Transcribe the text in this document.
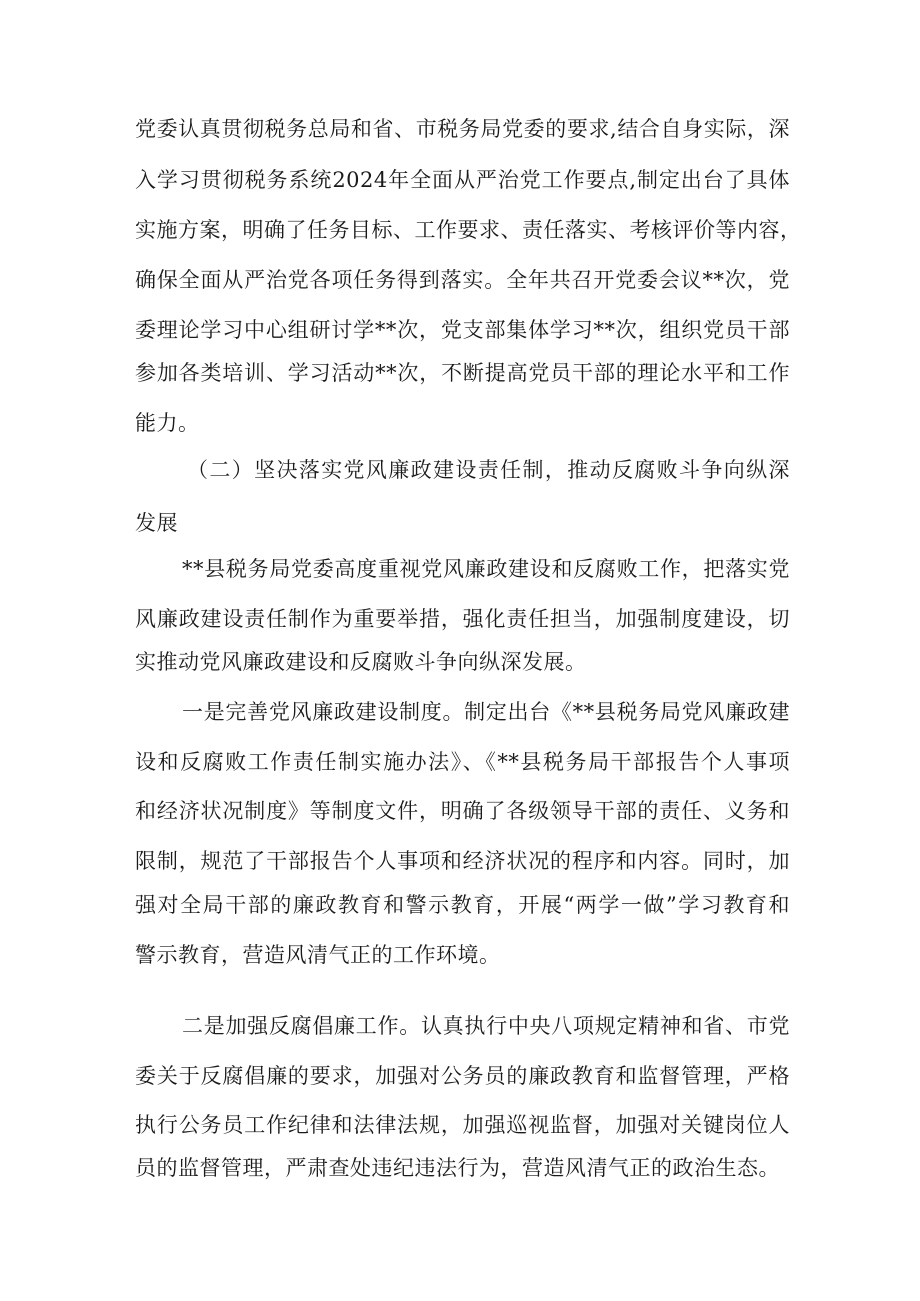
党委认真贯彻税务总局和省、市税务局党委的要求,结合自身实际，深
入学习贯彻税务系统2024年全面从严治党工作要点,制定出台了具体
实施方案，明确了任务目标、工作要求、责任落实、考核评价等内容，
确保全面从严治党各项任务得到落实。全年共召开党委会议**次，党
委理论学习中心组研讨学**次，党支部集体学习**次，组织党员干部
参加各类培训、学习活动**次，不断提高党员干部的理论水平和工作
能力。
（二）坚决落实党风廉政建设责任制，推动反腐败斗争向纵深
发展
**县税务局党委高度重视党风廉政建设和反腐败工作，把落实党
风廉政建设责任制作为重要举措，强化责任担当，加强制度建设，切
实推动党风廉政建设和反腐败斗争向纵深发展。
一是完善党风廉政建设制度。制定出台《**县税务局党风廉政建
设和反腐败工作责任制实施办法》、《**县税务局干部报告个人事项
和经济状况制度》等制度文件，明确了各级领导干部的责任、义务和
限制，规范了干部报告个人事项和经济状况的程序和内容。同时，加
强对全局干部的廉政教育和警示教育，开展“两学一做”学习教育和
警示教育，营造风清气正的工作环境。
二是加强反腐倡廉工作。认真执行中央八项规定精神和省、市党
委关于反腐倡廉的要求，加强对公务员的廉政教育和监督管理，严格
执行公务员工作纪律和法律法规，加强巡视监督，加强对关键岗位人
员的监督管理，严肃查处违纪违法行为，营造风清气正的政治生态。
